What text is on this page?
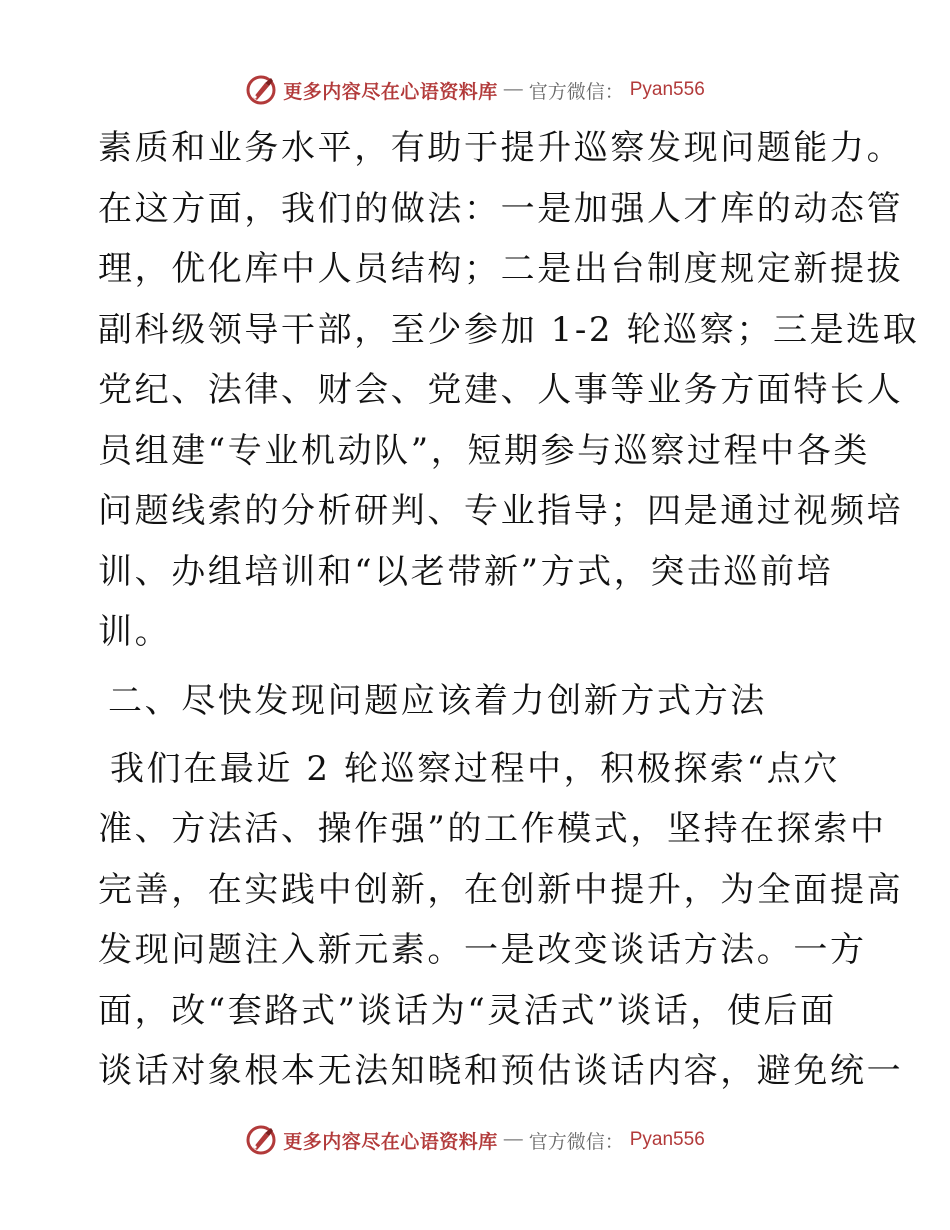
更多内容尽在心语资料库 — 官方微信： Pyan556
素质和业务水平，有助于提升巡察发现问题能力。
在这方面，我们的做法：一是加强人才库的动态管
理，优化库中人员结构；二是出台制度规定新提拔
副科级领导干部，至少参加 1-2 轮巡察；三是选取
党纪、法律、财会、党建、人事等业务方面特长人
员组建“专业机动队”，短期参与巡察过程中各类
问题线索的分析研判、专业指导；四是通过视频培
训、办组培训和“以老带新”方式，突击巡前培
训。
二、尽快发现问题应该着力创新方式方法
我们在最近 2 轮巡察过程中，积极探索“点穴
准、方法活、操作强”的工作模式，坚持在探索中
完善，在实践中创新，在创新中提升，为全面提高
发现问题注入新元素。一是改变谈话方法。一方
面，改“套路式”谈话为“灵活式”谈话，使后面
谈话对象根本无法知晓和预估谈话内容，避免统一
更多内容尽在心语资料库 — 官方微信： Pyan556
